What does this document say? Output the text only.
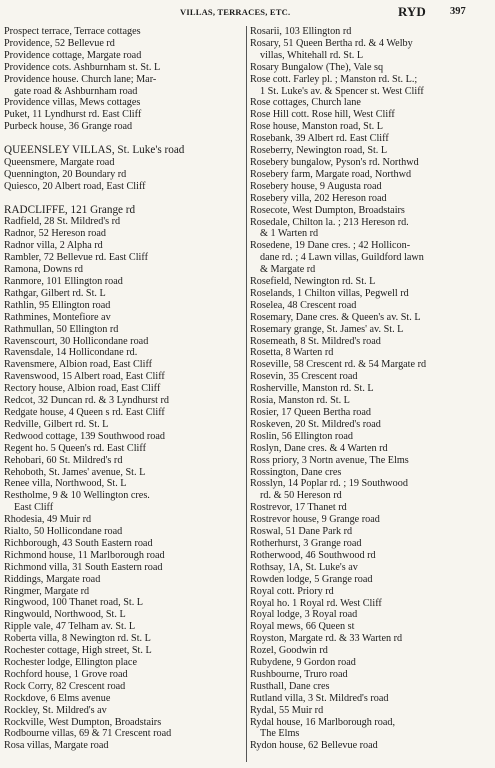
VILLAS, TERRACES, ETC.	RYD 397
Prospect terrace, Terrace cottages
Providence, 52 Bellevue rd
Providence cottage, Margate road
Providence cots. Ashburnham st. St. L
Providence house. Church lane; Mar-
gate road & Ashburnham road
Providence villas, Mews cottages
Puket, 11 Lyndhurst rd. East Cliff
Purbeck house, 36 Grange road
QUEENSLEY VILLAS, St. Luke's road
Queensmere, Margate road
Quennington, 20 Boundary rd
Quiesco, 20 Albert road, East Cliff
RADCLIFFE, 121 Grange rd
Radfield, 28 St. Mildred's rd
Radnor, 52 Hereson road
Radnor villa, 2 Alpha rd
Rambler, 72 Bellevue rd. East Cliff
Ramona, Downs rd
Ranmore, 101 Ellington road
Rathgar, Gilbert rd. St. L
Rathlin, 95 Ellington road
Rathmines, Montefiore av
Rathmullan, 50 Ellington rd
Ravenscourt, 30 Hollicondane road
Ravensdale, 14 Hollicondane rd.
Ravensmere, Albion road, East Cliff
Ravenswood, 15 Albert road, East Cliff
Rectory house, Albion road, East Cliff
Redcot, 32 Duncan rd. & 3 Lyndhurst rd
Redgate house, 4 Queen s rd. East Cliff
Redville, Gilbert rd. St. L
Redwood cottage, 139 Southwood road
Regent ho. 5 Queen's rd. East Cliff
Rehobari, 60 St. Mildred's rd
Rehoboth, St. James' avenue, St. L
Renee villa, Northwood, St. L
Restholme, 9 & 10 Wellington cres.
East Cliff
Rhodesia, 49 Muir rd
Rialto, 50 Hollicondane road
Richborough, 43 South Eastern road
Richmond house, 11 Marlborough road
Richmond villa, 31 South Eastern road
Riddings, Margate road
Ringmer, Margate rd
Ringwood, 100 Thanet road, St. L
Ringwould, Northwood, St. L
Ripple vale, 47 Telham av. St. L
Roberta villa, 8 Newington rd. St. L
Rochester cottage, High street, St. L
Rochester lodge, Ellington place
Rochford house, 1 Grove road
Rock Corry, 82 Crescent road
Rockdove, 6 Elms avenue
Rockley, St. Mildred's av
Rockville, West Dumpton, Broadstairs
Rodbourne villas, 69 & 71 Crescent road
Rosa villas, Margate road
Rosarii, 103 Ellington rd
Rosary, 51 Queen Bertha rd. & 4 Welby
villas, Whitehall rd. St. L
Rosary Bungalow (The), Vale sq
Rose cott. Farley pl. ; Manston rd. St. L.;
1 St. Luke's av. & Spencer st. West Cliff
Rose cottages, Church lane
Rose Hill cott. Rose hill, West Cliff
Rose house, Manston road, St. L
Rosebank, 39 Albert rd. East Cliff
Roseberry, Newington road, St. L
Rosebery bungalow, Pyson's rd. Northwd
Rosebery farm, Margate road, Northwd
Rosebery house, 9 Augusta road
Rosebery villa, 202 Hereson road
Rosecote, West Dumpton, Broadstairs
Rosedale, Chilton la. ; 213 Hereson rd.
& 1 Warten rd
Rosedene, 19 Dane cres. ; 42 Hollicon-
dane rd. ; 4 Lawn villas, Guildford lawn
& Margate rd
Rosefield, Newington rd. St. L
Roselands, 1 Chilton villas, Pegwell rd
Roselea, 48 Crescent road
Rosemary, Dane cres. & Queen's av. St. L
Rosemary grange, St. James' av. St. L
Rosemeath, 8 St. Mildred's road
Rosetta, 8 Warten rd
Roseville, 58 Crescent rd. & 54 Margate rd
Rosevin, 35 Crescent road
Rosherville, Manston rd. St. L
Rosia, Manston rd. St. L
Rosier, 17 Queen Bertha road
Roskeven, 20 St. Mildred's road
Roslin, 56 Ellington road
Roslyn, Dane cres. & 4 Warten rd
Ross priory, 3 Nortn avenue, The Elms
Rossington, Dane cres
Rosslyn, 14 Poplar rd. ; 19 Southwood
rd. & 50 Hereson rd
Rostrevor, 17 Thanet rd
Rostrevor house, 9 Grange road
Roswal, 51 Dane Park rd
Rotherhurst, 3 Grange road
Rotherwood, 46 Southwood rd
Rothsay, 1A, St. Luke's av
Rowden lodge, 5 Grange road
Royal cott. Priory rd
Royal ho. 1 Royal rd. West Cliff
Royal lodge, 3 Royal road
Royal mews, 66 Queen st
Royston, Margate rd. & 33 Warten rd
Rozel, Goodwin rd
Rubydene, 9 Gordon road
Rushbourne, Truro road
Rusthall, Dane cres
Rutland villa, 3 St. Mildred's road
Rydal, 55 Muir rd
Rydal house, 16 Marlborough road,
The Elms
Rydon house, 62 Bellevue road
